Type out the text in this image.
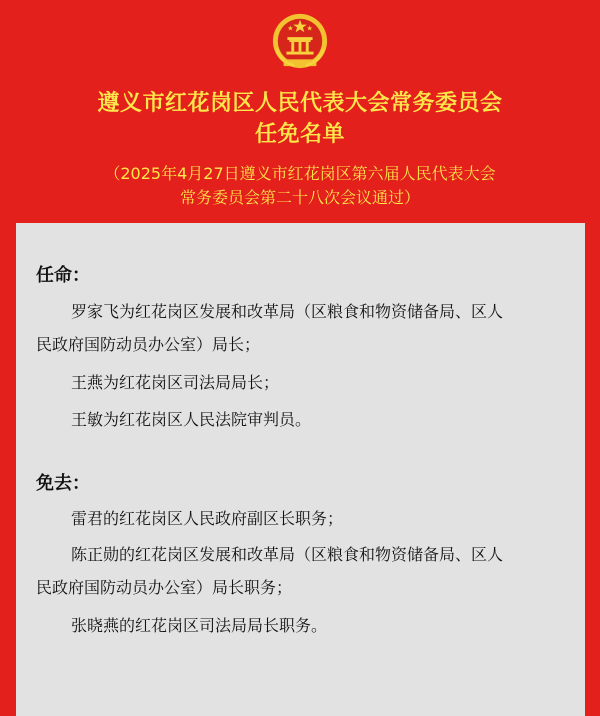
遵义市红花岗区人民代表大会常务委员会
任免名单
（2025年4月27日遵义市红花岗区第六届人民代表大会
常务委员会第二十八次会议通过）
任命：
罗家飞为红花岗区发展和改革局（区粮食和物资储备局、区人
民政府国防动员办公室）局长；
王燕为红花岗区司法局局长；
王敏为红花岗区人民法院审判员。
免去：
雷君的红花岗区人民政府副区长职务；
陈正勋的红花岗区发展和改革局（区粮食和物资储备局、区人
民政府国防动员办公室）局长职务；
张晓燕的红花岗区司法局局长职务。
